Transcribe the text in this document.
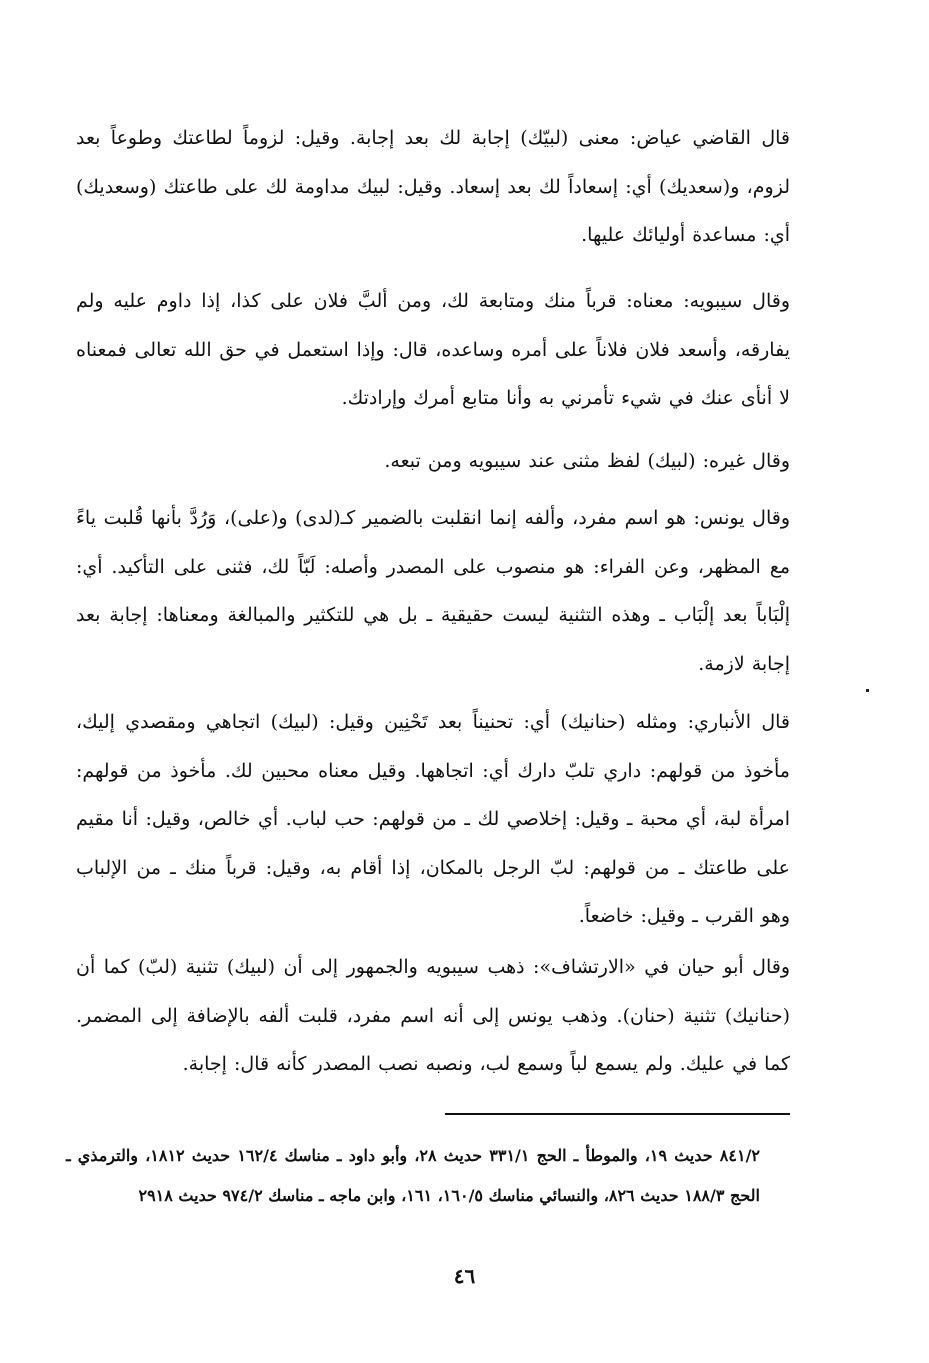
قال القاضي عياض: معنى (لبيّك) إجابة لك بعد إجابة. وقيل: لزوماً لطاعتك وطوعاً بعد لزوم، و(سعديك) أي: إسعاداً لك بعد إسعاد. وقيل: لبيك مداومة لك على طاعتك (وسعديك) أي: مساعدة أوليائك عليها.

وقال سيبويه: معناه: قرباً منك ومتابعة لك، ومن ألبَّ فلان على كذا، إذا داوم عليه ولم يفارقه، وأسعد فلان فلاناً على أمره وساعده، قال: وإذا استعمل في حق الله تعالى فمعناه لا أنأى عنك في شيء تأمرني به وأنا متابع أمرك وإرادتك.

وقال غيره: (لبيك) لفظ مثنى عند سيبويه ومن تبعه.

وقال يونس: هو اسم مفرد، وألفه إنما انقلبت بالضمير كـ(لدى) و(على)، وَرُدَّ بأنها قُلبت ياءً مع المظهر، وعن الفراء: هو منصوب على المصدر وأصله: لَبّاً لك، فثنى على التأكيد. أي: إلْبَاباً بعد إلْبَاب ـ وهذه التثنية ليست حقيقية ـ بل هي للتكثير والمبالغة ومعناها: إجابة بعد إجابة لازمة.

قال الأنباري: ومثله (حنانيك) أي: تحنيناً بعد تَحْنِين وقيل: (لبيك) اتجاهي ومقصدي إليك، مأخوذ من قولهم: داري تلبّ دارك أي: اتجاهها. وقيل معناه محبين لك. مأخوذ من قولهم: امرأة لبة، أي محبة ـ وقيل: إخلاصي لك ـ من قولهم: حب لباب. أي خالص، وقيل: أنا مقيم على طاعتك ـ من قولهم: لبّ الرجل بالمكان، إذا أقام به، وقيل: قرباً منك ـ من الإلباب وهو القرب ـ وقيل: خاضعاً.

وقال أبو حيان في «الارتشاف»: ذهب سيبويه والجمهور إلى أن (لبيك) تثنية (لبّ) كما أن (حنانيك) تثنية (حنان). وذهب يونس إلى أنه اسم مفرد، قلبت ألفه بالإضافة إلى المضمر. كما في عليك. ولم يسمع لباً وسمع لب، ونصبه نصب المصدر كأنه قال: إجابة.

٨٤١/٢ حديث ١٩، والموطأ ـ الحج ٣٣١/١ حديث ٢٨، وأبو داود ـ مناسك ١٦٢/٤ حديث ١٨١٢، والترمذي ـ الحج ١٨٨/٣ حديث ٨٢٦، والنسائي مناسك ١٦٠/٥، ١٦١، وابن ماجه ـ مناسك ٩٧٤/٢ حديث ٢٩١٨

٤٦
